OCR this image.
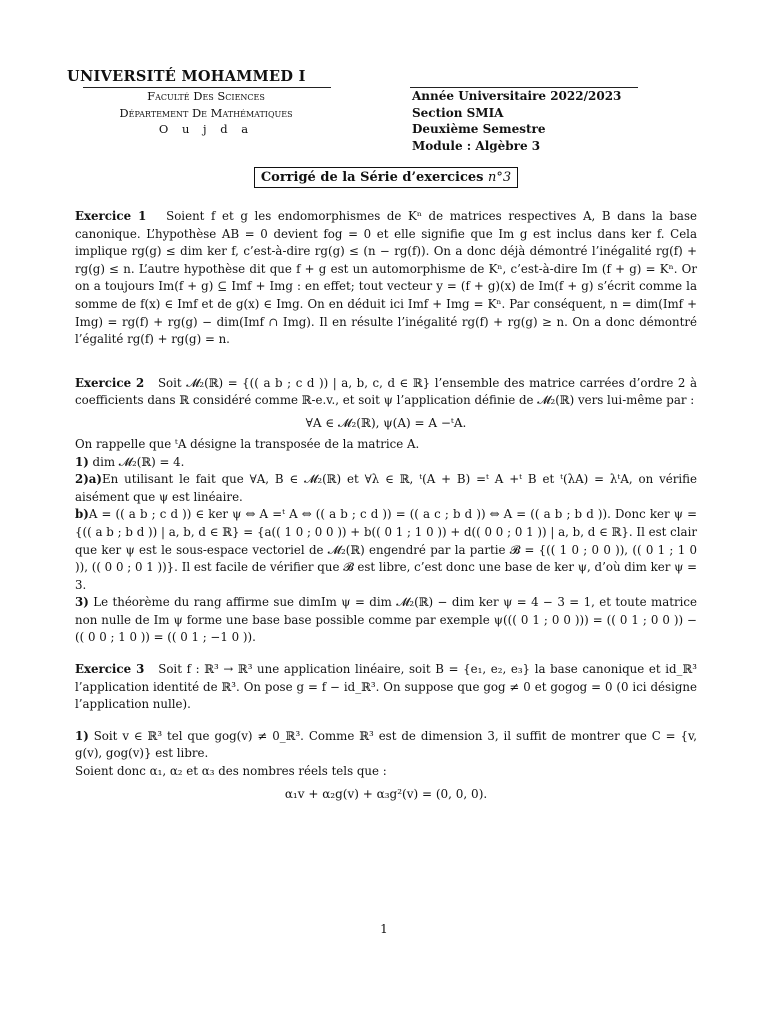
UNIVERSITÉ MOHAMMED I
Faculté Des Sciences
Département De Mathématiques
O u j d a
Année Universitaire 2022/2023
Section SMIA
Deuxième Semestre
Module : Algèbre 3
Corrigé de la Série d’exercices n°3

Exercice 1 Soient f et g les endomorphismes de Kⁿ de matrices respectives A, B dans la base canonique. L’hypothèse AB = 0 devient fog = 0 et elle signifie que Im g est inclus dans ker f. Cela implique rg(g) ≤ dim ker f, c’est-à-dire rg(g) ≤ (n − rg(f)). On a donc déjà démontré l’inégalité rg(f) + rg(g) ≤ n. L’autre hypothèse dit que f + g est un automorphisme de Kⁿ, c’est-à-dire Im (f + g) = Kⁿ. Or on a toujours Im(f + g) ⊆ Imf + Img : en effet; tout vecteur y = (f + g)(x) de Im(f + g) s’écrit comme la somme de f(x) ∈ Imf et de g(x) ∈ Img. On en déduit ici Imf + Img = Kⁿ. Par conséquent, n = dim(Imf + Img) = rg(f) + rg(g) − dim(Imf ∩ Img). Il en résulte l’inégalité rg(f) + rg(g) ≥ n. On a donc démontré l’égalité rg(f) + rg(g) = n.

Exercice 2 Soit 𝓜₂(ℝ) = {(( a b ; c d )) | a, b, c, d ∈ ℝ} l’ensemble des matrice carrées d’ordre 2 à coefficients dans ℝ considéré comme ℝ-e.v., et soit ψ l’application définie de 𝓜₂(ℝ) vers lui-même par :

∀A ∈ 𝓜₂(ℝ), ψ(A) = A −ᵗA.

On rappelle que ᵗA désigne la transposée de la matrice A.

1) dim 𝓜₂(ℝ) = 4.

2)a)En utilisant le fait que ∀A, B ∈ 𝓜₂(ℝ) et ∀λ ∈ ℝ, ᵗ(A + B) =ᵗ A +ᵗ B et ᵗ(λA) = λᵗA, on vérifie aisément que ψ est linéaire.

b)A = (( a b ; c d )) ∈ ker ψ ⇔ A =ᵗ A ⇔ (( a b ; c d )) = (( a c ; b d )) ⇔ A = (( a b ; b d )). Donc ker ψ = {(( a b ; b d )) | a, b, d ∈ ℝ} = {a(( 1 0 ; 0 0 )) + b(( 0 1 ; 1 0 )) + d(( 0 0 ; 0 1 )) | a, b, d ∈ ℝ}. Il est clair que ker ψ est le sous-espace vectoriel de 𝓜₂(ℝ) engendré par la partie 𝓑 = {(( 1 0 ; 0 0 )), (( 0 1 ; 1 0 )), (( 0 0 ; 0 1 ))}. Il est facile de vérifier que 𝓑 est libre, c’est donc une base de ker ψ, d’où dim ker ψ = 3.

3) Le théorème du rang affirme sue dimIm ψ = dim 𝓜₂(ℝ) − dim ker ψ = 4 − 3 = 1, et toute matrice non nulle de Im ψ forme une base base possible comme par exemple ψ((( 0 1 ; 0 0 ))) = (( 0 1 ; 0 0 )) − (( 0 0 ; 1 0 )) = (( 0 1 ; −1 0 )).

Exercice 3 Soit f : ℝ³ → ℝ³ une application linéaire, soit B = {e₁, e₂, e₃} la base canonique et id_ℝ³ l’application identité de ℝ³. On pose g = f − id_ℝ³. On suppose que gog ≠ 0 et gogog = 0 (0 ici désigne l’application nulle).

1) Soit v ∈ ℝ³ tel que gog(v) ≠ 0_ℝ³. Comme ℝ³ est de dimension 3, il suffit de montrer que C = {v, g(v), gog(v)} est libre.

Soient donc α₁, α₂ et α₃ des nombres réels tels que :

α₁v + α₂g(v) + α₃g²(v) = (0, 0, 0).
1
